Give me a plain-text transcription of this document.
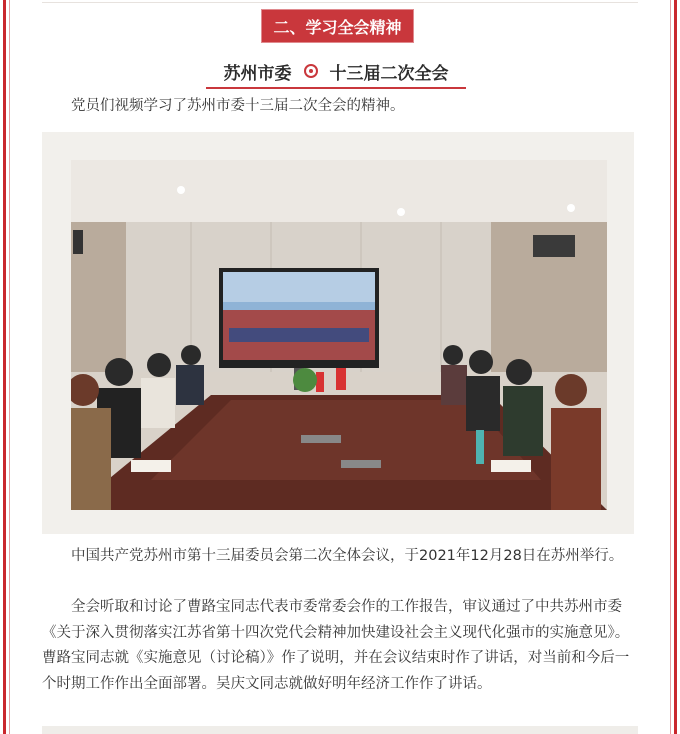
二、学习全会精神
苏州市委 十三届二次全会

党员们视频学习了苏州市委十三届二次全会的精神。

中国共产党苏州市第十三届委员会第二次全体会议，于2021年12月28日在苏州举行。

全会听取和讨论了曹路宝同志代表市委常委会作的工作报告，审议通过了中共苏州市委《关于深入贯彻落实江苏省第十四次党代会精神加快建设社会主义现代化强市的实施意见》。曹路宝同志就《实施意见（讨论稿）》作了说明，并在会议结束时作了讲话，对当前和今后一个时期工作作出全面部署。吴庆文同志就做好明年经济工作作了讲话。
